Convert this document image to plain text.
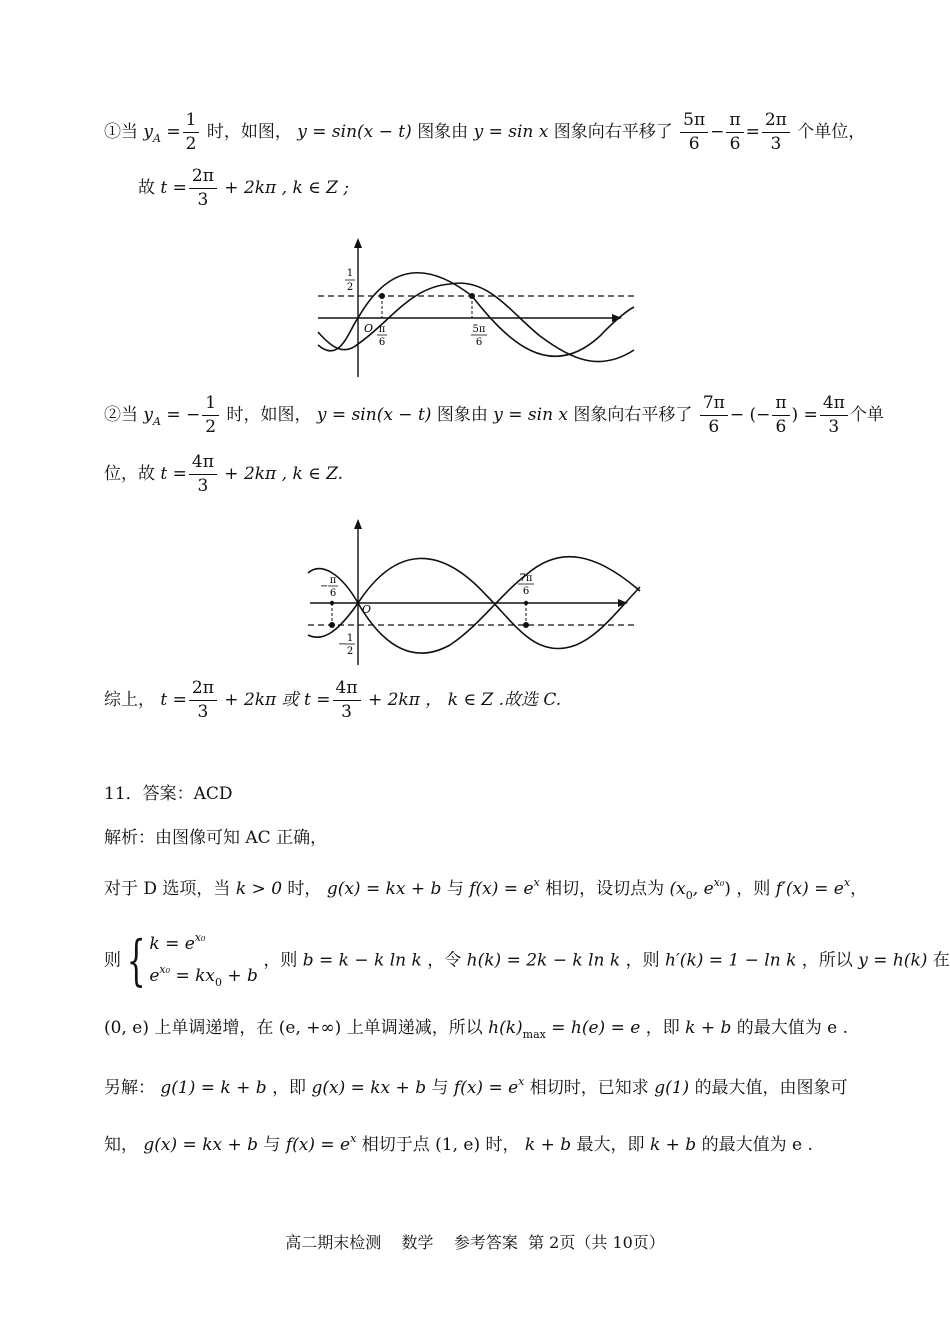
①当 $y_A = \frac{1}{2}$ 时，如图， y = sin(x − t) 图象由 y = sin x 图象向右平移了 $\frac{5\pi}{6} - \frac{\pi}{6} = \frac{2\pi}{3}$ 个单位，
故 $t = \frac{2\pi}{3} + 2k\pi$ , k ∈ Z ;
1
2
O π
6
5π
6
②当 $y_A$ = − $\frac{1}{2}$ 时，如图， y = sin(x − t) 图象由 y = sin x 图象向右平移了 $\frac{7\pi}{6}$ − (− $\frac{\pi}{6}$ ) = $\frac{4\pi}{3}$ 个单
位，故 $t = \frac{4\pi}{3} + 2k\pi$ , k ∈ Z.
−
π
6
O
7π
6
−
1
2
综上， $t = \frac{2\pi}{3} + 2k\pi$ 或 $t = \frac{4\pi}{3} + 2k\pi$ ， k ∈ Z .故选 C.
11．答案：ACD
解析：由图像可知 AC 正确，
对于 D 选项，当 k > 0 时， g(x) = kx + b 与 $f(x) = e^x$ 相切，设切点为 ($x_0$, $e^{x_0}$) ，则 $f'(x) = e^x$，
则 { $k = e^{x_0}$
$e^{x_0} = kx_0 + b$ ，则 b = k − k ln k ，令 h(k) = 2k − k ln k ，则 h′(k) = 1 − ln k ，所以 y = h(k) 在
(0, e) 上单调递增，在 (e, +∞) 上单调递减，所以 $h(k)_{max} = h(e) = e$ ，即 k + b 的最大值为 e .
另解： g(1) = k + b ，即 g(x) = kx + b 与 $f(x) = e^x$ 相切时，已知求 g(1) 的最大值，由图象可
知， g(x) = kx + b 与 $f(x) = e^x$ 相切于点 (1, e) 时， k + b 最大，即 k + b 的最大值为 e .
高二期末检测 数学 参考答案 第 2页（共 10页）
